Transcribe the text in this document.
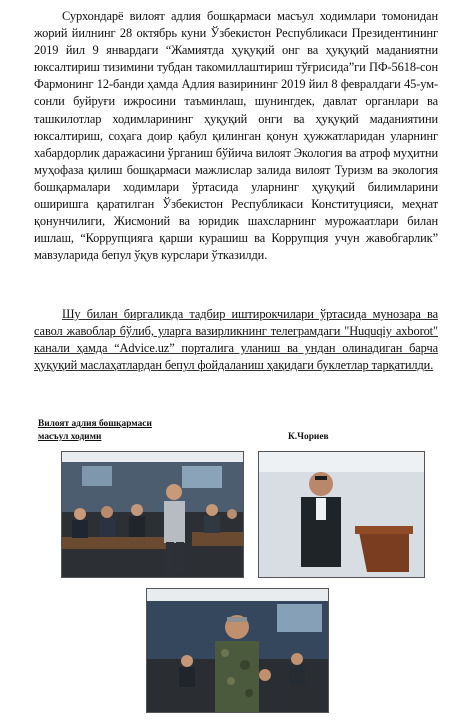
Сурхондарё вилоят адлия бошқармаси масъул ходимлари томонидан жорий йилнинг 28 октябрь куни Ўзбекистон Республикаси Президентининг 2019 йил 9 январдаги “Жамиятда ҳуқуқий онг ва ҳуқуқий маданиятни юксалтириш тизимини тубдан такомиллаштириш тўғрисида”ги ПФ-5618-сон Фармонинг 12-банди ҳамда Адлия вазирининг 2019 йил 8 февралдаги 45-ум-сонли буйруғи ижросини таъминлаш, шунингдек, давлат органлари ва ташкилотлар ходимларининг ҳуқуқий онги ва ҳуқуқий маданиятини юксалтириш, соҳага доир қабул қилинган қонун ҳужжатларидан уларнинг хабардорлик даражасини ўрганиш бўйича вилоят Экология ва атроф муҳитни муҳофаза қилиш бошқармаси мажлислар залида вилоят Туризм ва экология бошқармалари ходимлари ўртасида уларнинг ҳуқуқий билимларини оширишга қаратилган Ўзбекистон Республикаси Конституцияси, меҳнат қонунчилиги, Жисмоний ва юридик шахсларнинг мурожаатлари билан ишлаш, “Коррупцияга қарши курашиш ва Коррупция учун жавобгарлик” мавзуларида бепул ўқув курслари ўтказилди.

Шу билан биргаликда тадбир иштирокчилари ўртасида мунозара ва савол жавоблар бўлиб, уларга вазирликнинг телеграмдаги "Huquqiy axborot" канали ҳамда “Advice.uz” порталига уланиш ва ундан олинадиган барча ҳуқуқий маслаҳатлардан бепул фойдаланиш ҳақидаги буклетлар тарқатилди.

Вилоят адлия бошқармаси
масъул ходими	К.Чориев
